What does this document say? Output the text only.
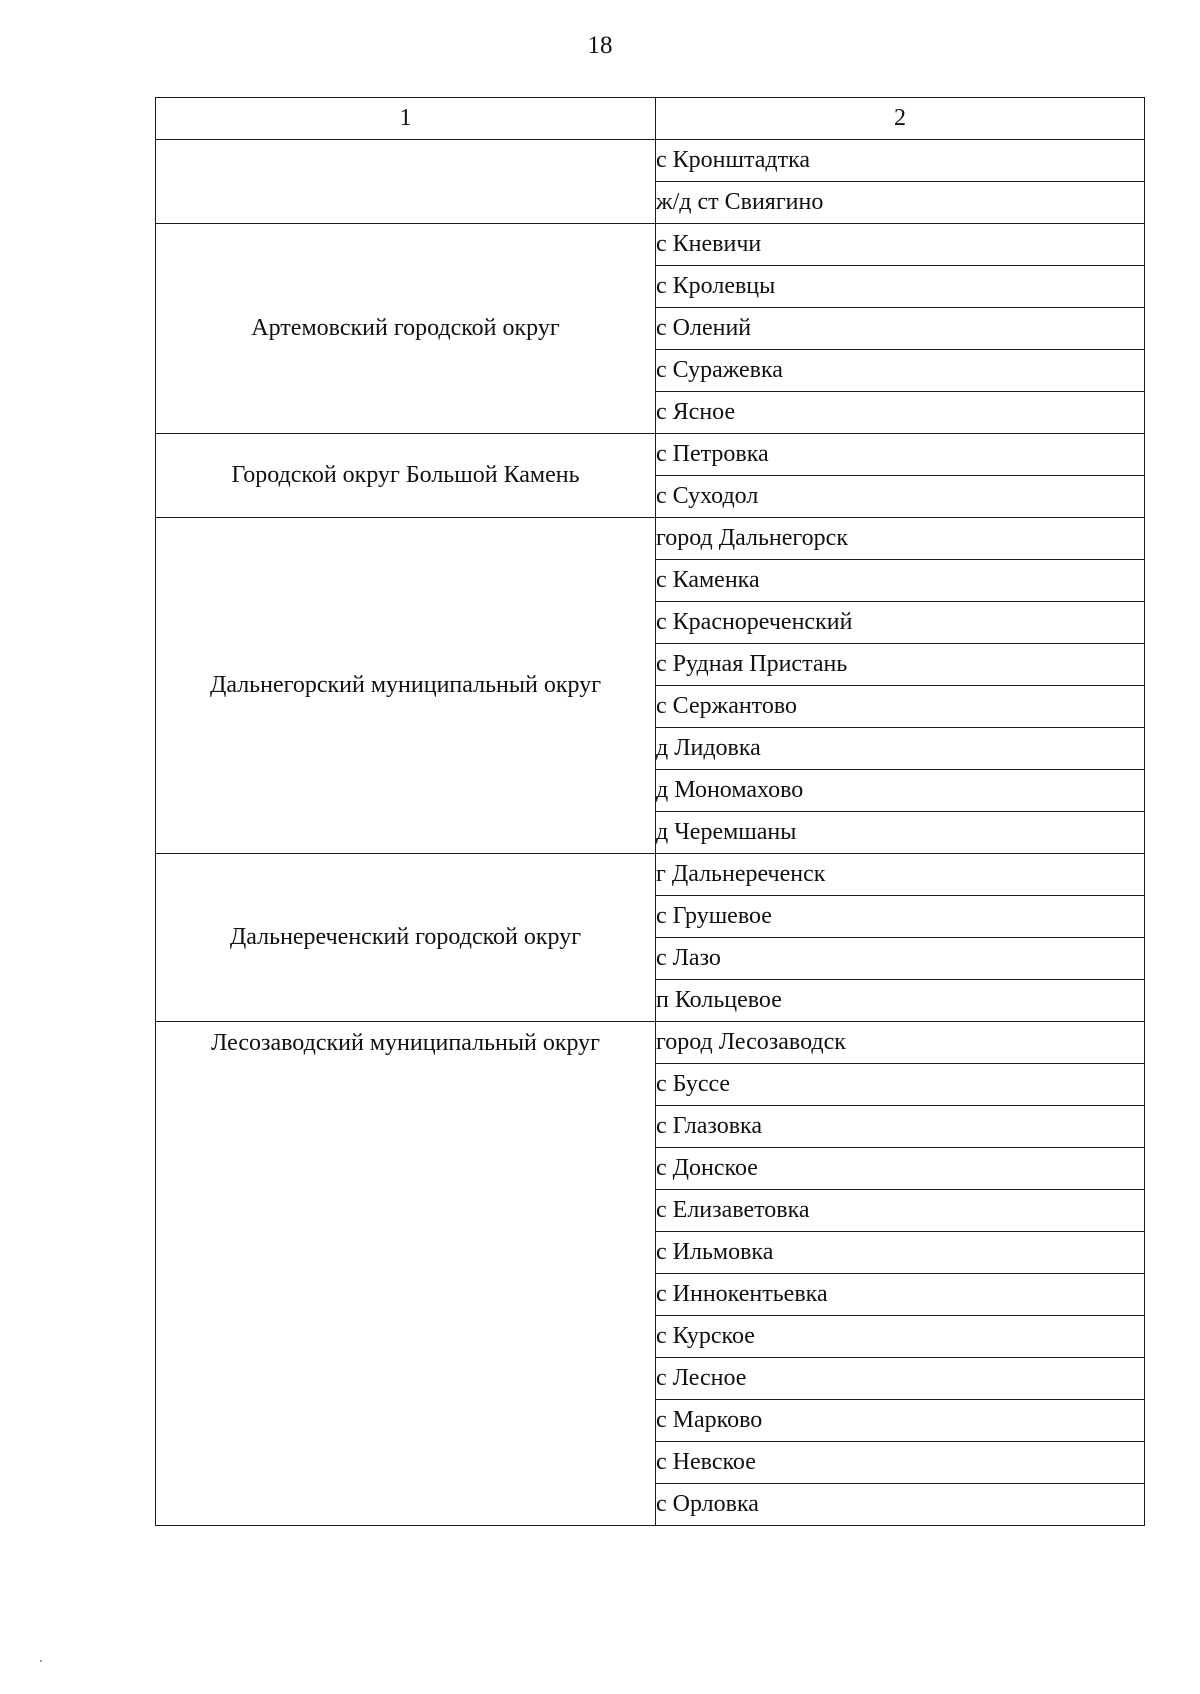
18
1	2
	с Кронштадтка
	ж/д ст Свиягино
Артемовский городской округ	с Кневичи
	с Кролевцы
	с Олений
	с Суражевка
	с Ясное
Городской округ Большой Камень	с Петровка
	с Суходол
Дальнегорский муниципальный округ	город Дальнегорск
	с Каменка
	с Краснореченский
	с Рудная Пристань
	с Сержантово
	д Лидовка
	д Мономахово
	д Черемшаны
Дальнереченский городской округ	г Дальнереченск
	с Грушевое
	с Лазо
	п Кольцевое
Лесозаводский муниципальный округ	город Лесозаводск
	с Буссе
	с Глазовка
	с Донское
	с Елизаветовка
	с Ильмовка
	с Иннокентьевка
	с Курское
	с Лесное
	с Марково
	с Невское
	с Орловка
